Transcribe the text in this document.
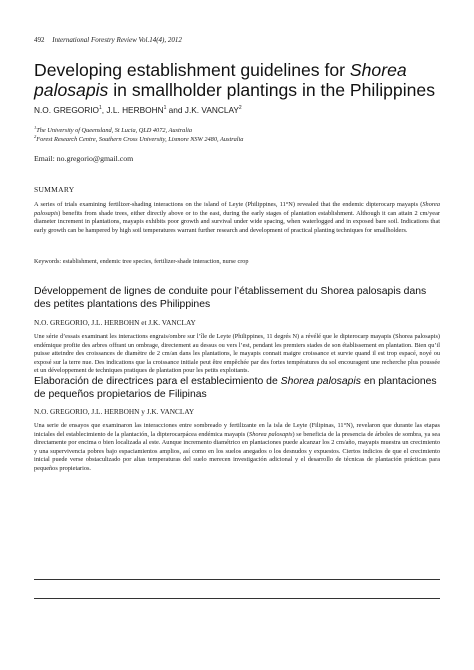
492 International Forestry Review Vol.14(4), 2012
Developing establishment guidelines for Shorea palosapis in smallholder plantings in the Philippines
N.O. GREGORIO$^1$, J.L. HERBOHN$^1$ and J.K. VANCLAY$^2$
$^1$The University of Queensland, St Lucia, QLD 4072, Australia
$^2$Forest Research Centre, Southern Cross University, Lismore NSW 2480, Australia
Email: no.gregorio@gmail.com
SUMMARY
A series of trials examining fertilizer-shading interactions on the island of Leyte (Philippines, 11°N) revealed that the endemic dipterocarp mayapis (Shorea palosapis) benefits from shade trees, either directly above or to the east, during the early stages of plantation establishment. Although it can attain 2 cm/year diameter increment in plantations, mayapis exhibits poor growth and survival under wide spacing, when waterlogged and in exposed bare soil. Indications that early growth can be hampered by high soil temperatures warrant further research and development of practical planting techniques for smallholders.
Keywords: establishment, endemic tree species, fertilizer-shade interaction, nurse crop
Développement de lignes de conduite pour l’établissement du Shorea palosapis dans des petites plantations des Philippines
N.O. GREGORIO, J.L. HERBOHN et J.K. VANCLAY
Une série d’essais examinant les interactions engrais/ombre sur l’île de Leyte (Philippines, 11 degrés N) a révélé que le dipterocarp mayapis (Shorea palosapis) endémique profite des arbres offrant un ombrage, directement au dessus ou vers l’est, pendant les premiers stades de son établissement en plantation. Bien qu’il puisse atteindre des croissances de diamètre de 2 cm/an dans les plantations, le mayapis connait maigre croissance et survie quand il est trop espacé, noyé ou exposé sur la terre nue. Des indications que la croissance initiale peut être empêchée par des fortes températures du sol encouragent une recherche plus poussée et un développement de techniques pratiques de plantation pour les petits exploitants.
Elaboración de directrices para el establecimiento de Shorea palosapis en plantaciones de pequeños propietarios de Filipinas
N.O. GREGORIO, J.L. HERBOHN y J.K. VANCLAY
Una serie de ensayos que examinaron las interacciones entre sombreado y fertilizante en la isla de Leyte (Filipinas, 11°N), revelaron que durante las etapas iniciales del establecimiento de la plantación, la dipterocarpácea endémica mayapis (Shorea palosapis) se beneficia de la presencia de árboles de sombra, ya sea directamente por encima o bien localizada al este. Aunque incremento diamétrico en plantaciones puede alcanzar los 2 cm/año, mayapis muestra un crecimiento y una supervivencia pobres bajo espaciamientos amplios, así como en los suelos anegados o los desnudos y expuestos. Ciertos indicios de que el crecimiento inicial puede verse obstaculizado por altas temperaturas del suelo merecen investigación adicional y el desarrollo de técnicas de plantación prácticas para pequeños propietarios.
